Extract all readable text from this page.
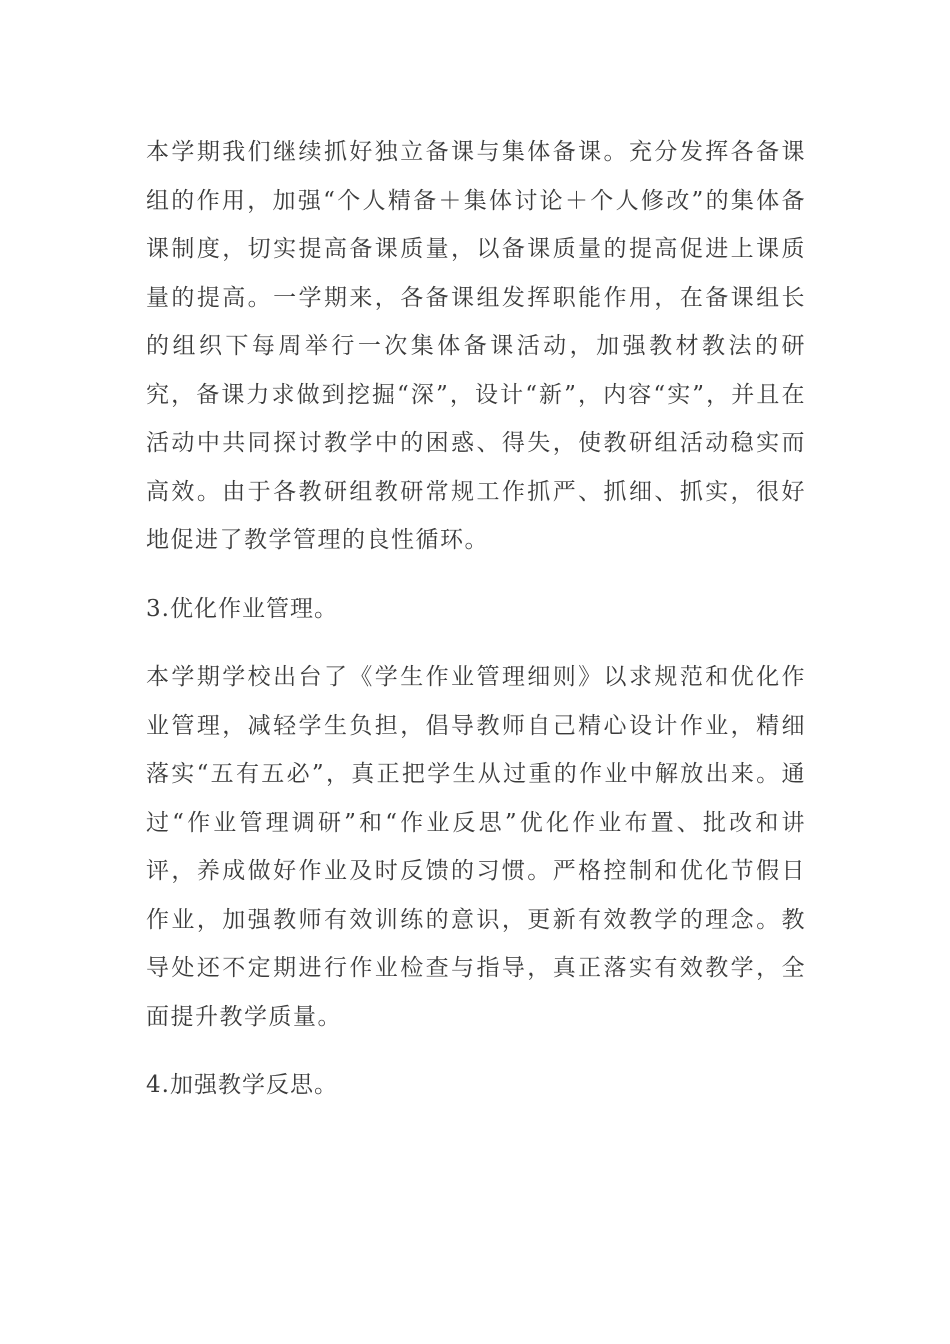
本学期我们继续抓好独立备课与集体备课。充分发挥各备课组的作用，加强“个人精备＋集体讨论＋个人修改”的集体备课制度，切实提高备课质量，以备课质量的提高促进上课质量的提高。一学期来，各备课组发挥职能作用，在备课组长的组织下每周举行一次集体备课活动，加强教材教法的研究，备课力求做到挖掘“深”，设计“新”，内容“实”，并且在活动中共同探讨教学中的困惑、得失，使教研组活动稳实而高效。由于各教研组教研常规工作抓严、抓细、抓实，很好地促进了教学管理的良性循环。

3.优化作业管理。

本学期学校出台了《学生作业管理细则》以求规范和优化作业管理，减轻学生负担，倡导教师自己精心设计作业，精细落实“五有五必”，真正把学生从过重的作业中解放出来。通过“作业管理调研”和“作业反思”优化作业布置、批改和讲评，养成做好作业及时反馈的习惯。严格控制和优化节假日作业，加强教师有效训练的意识，更新有效教学的理念。教导处还不定期进行作业检查与指导，真正落实有效教学，全面提升教学质量。

4.加强教学反思。
